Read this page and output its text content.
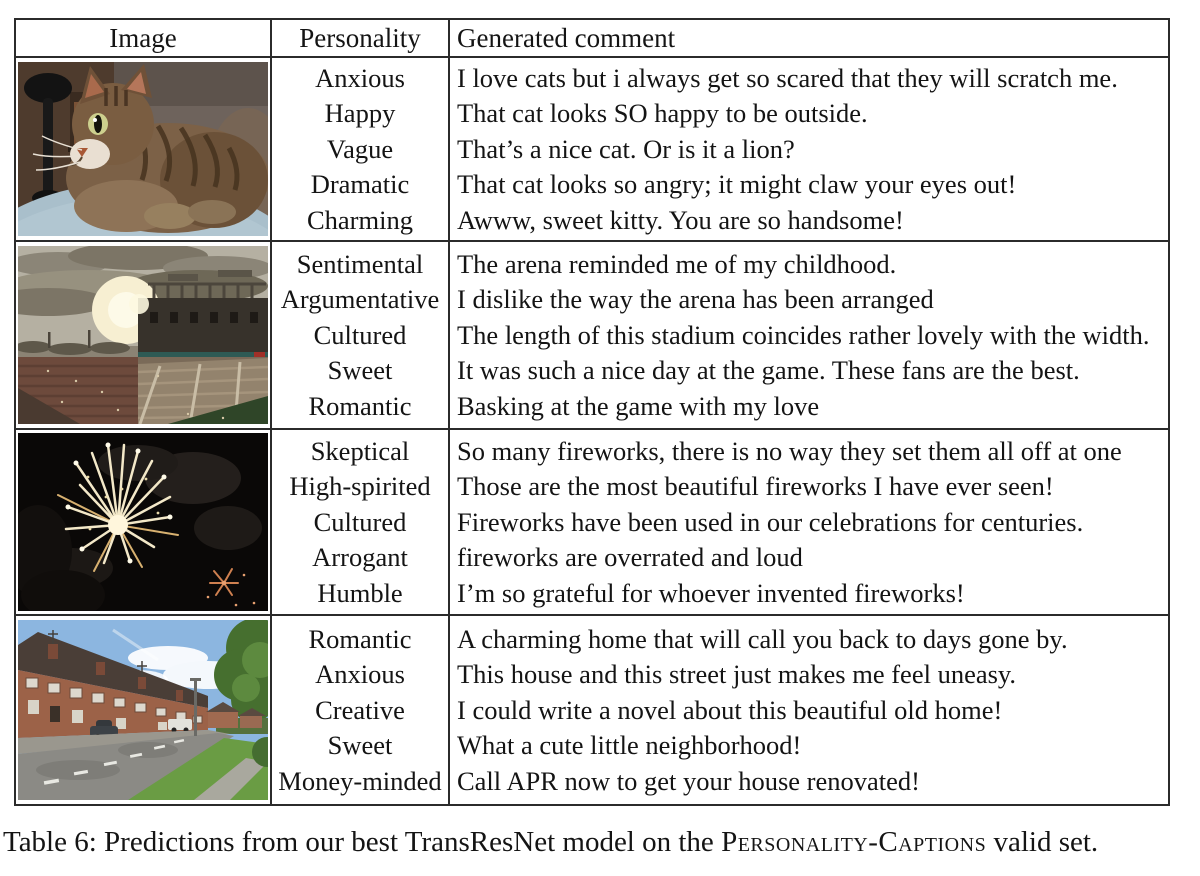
Image	Personality	Generated comment
Anxious
Happy
Vague
Dramatic
Charming
I love cats but i always get so scared that they will scratch me.
That cat looks SO happy to be outside.
That’s a nice cat. Or is it a lion?
That cat looks so angry; it might claw your eyes out!
Awww, sweet kitty. You are so handsome!
Sentimental
Argumentative
Cultured
Sweet
Romantic
The arena reminded me of my childhood.
I dislike the way the arena has been arranged
The length of this stadium coincides rather lovely with the width.
It was such a nice day at the game. These fans are the best.
Basking at the game with my love
Skeptical
High-spirited
Cultured
Arrogant
Humble
So many fireworks, there is no way they set them all off at one
Those are the most beautiful fireworks I have ever seen!
Fireworks have been used in our celebrations for centuries.
fireworks are overrated and loud
I’m so grateful for whoever invented fireworks!
Romantic
Anxious
Creative
Sweet
Money-minded
A charming home that will call you back to days gone by.
This house and this street just makes me feel uneasy.
I could write a novel about this beautiful old home!
What a cute little neighborhood!
Call APR now to get your house renovated!
Table 6: Predictions from our best TransResNet model on the Personality-Captions valid set.
